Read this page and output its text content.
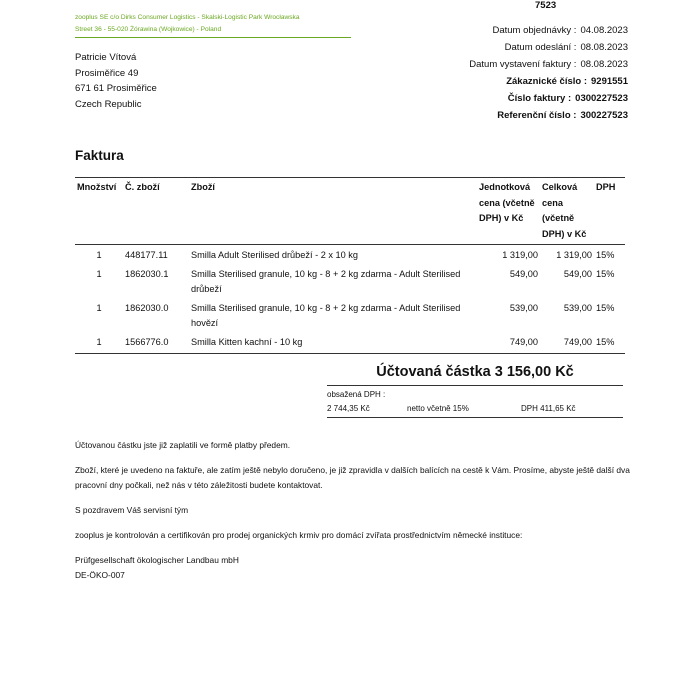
zooplus SE c/o Dirks Consumer Logistics - Skalski-Logistic Park Wrocławska
Street 36 - 55-020 Żórawina (Wojkowice) - Poland
7523
Patricie Vítová
Prosiměřice 49
671 61 Prosiměřice
Czech Republic
Datum objednávky : 04.08.2023
Datum odeslání : 08.08.2023
Datum vystavení faktury : 08.08.2023
Zákaznické číslo : 9291551
Číslo faktury : 0300227523
Referenční číslo : 300227523
Faktura
Množství	Č. zboží	Zboží	Jednotková cena (včetně DPH) v Kč	Celková cena (včetně DPH) v Kč	DPH
1	448177.11	Smilla Adult Sterilised drůbeží - 2 x 10 kg	1 319,00	1 319,00	15%
1	1862030.1	Smilla Sterilised granule, 10 kg - 8 + 2 kg zdarma - Adult Sterilised drůbeží	549,00	549,00	15%
1	1862030.0	Smilla Sterilised granule, 10 kg - 8 + 2 kg zdarma - Adult Sterilised hovězí	539,00	539,00	15%
1	1566776.0	Smilla Kitten kachní - 10 kg	749,00	749,00	15%
Účtovaná částka 3 156,00 Kč
obsažená DPH :
2 744,35 Kč	netto včetně 15%	DPH 411,65 Kč

Účtovanou částku jste již zaplatili ve formě platby předem.

Zboží, které je uvedeno na faktuře, ale zatím ještě nebylo doručeno, je již zpravidla v dalších balících na cestě k Vám. Prosíme, abyste ještě další dva pracovní dny počkali, než nás v této záležitosti budete kontaktovat.

S pozdravem Váš servisní tým

zooplus je kontrolován a certifikován pro prodej organických krmiv pro domácí zvířata prostřednictvím německé instituce:

Prüfgesellschaft ökologischer Landbau mbH
DE-ÖKO-007
